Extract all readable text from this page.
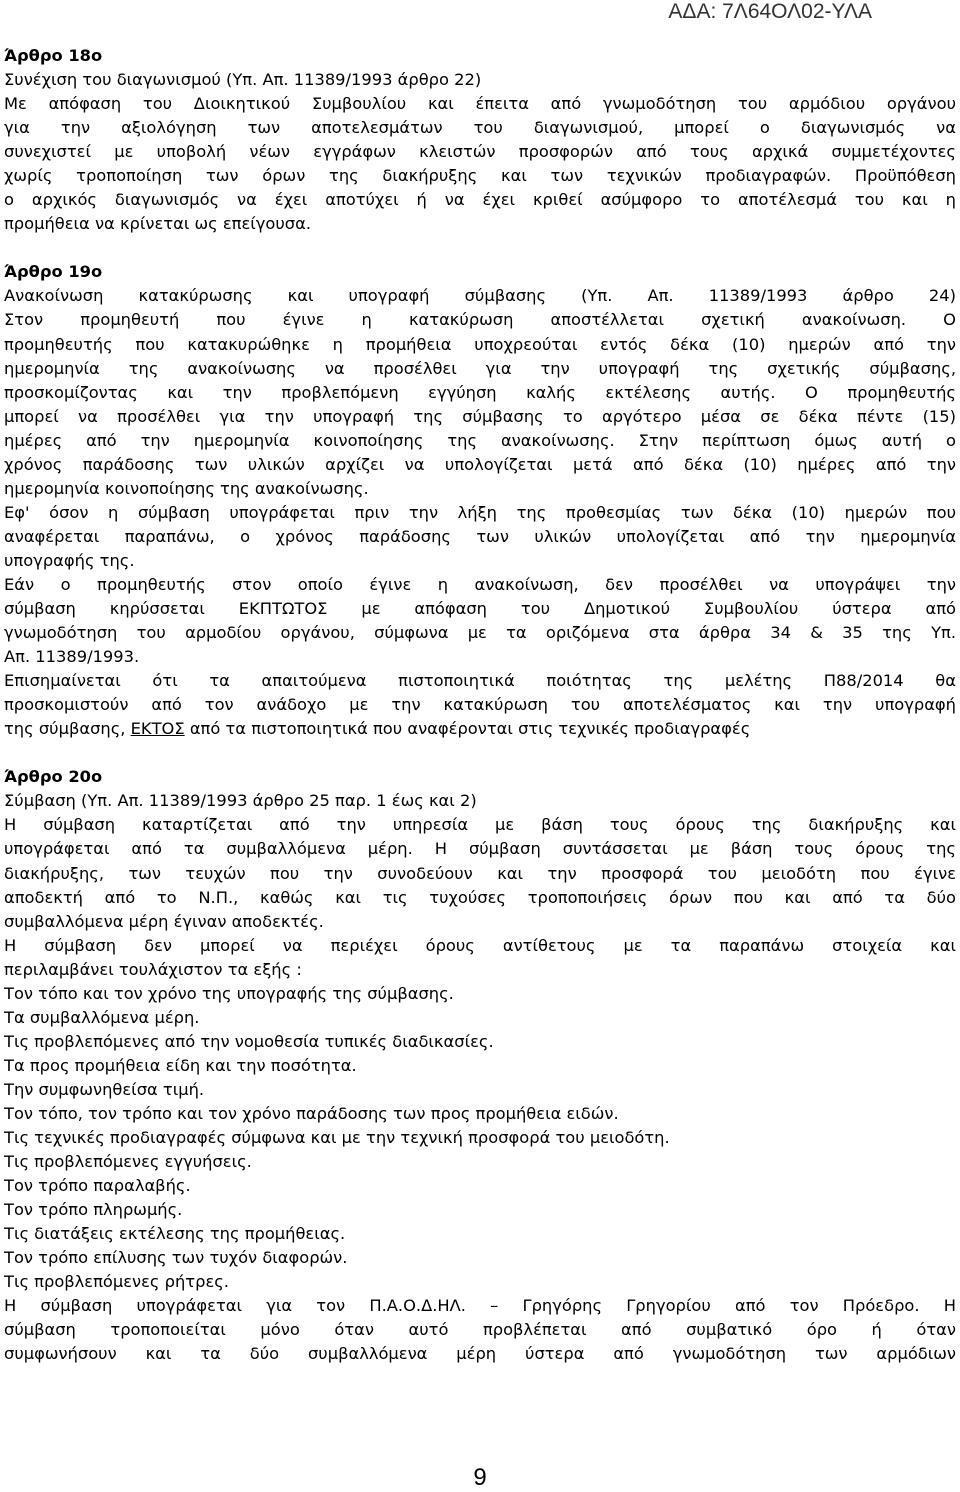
ΑΔΑ: 7Λ64ΟΛ02-ΥΛΑ
Άρθρο 18ο
Συνέχιση του διαγωνισμού (Υπ. Απ. 11389/1993 άρθρο 22)
Με απόφαση του Διοικητικού Συμβουλίου και έπειτα από γνωμοδότηση του αρμόδιου οργάνου
για την αξιολόγηση των αποτελεσμάτων του διαγωνισμού, μπορεί ο διαγωνισμός να
συνεχιστεί με υποβολή νέων εγγράφων κλειστών προσφορών από τους αρχικά συμμετέχοντες
χωρίς τροποποίηση των όρων της διακήρυξης και των τεχνικών προδιαγραφών. Προϋπόθεση
ο αρχικός διαγωνισμός να έχει αποτύχει ή να έχει κριθεί ασύμφορο το αποτέλεσμά του και η
προμήθεια να κρίνεται ως επείγουσα.
Άρθρο 19ο
Ανακοίνωση κατακύρωσης και υπογραφή σύμβασης (Υπ. Απ. 11389/1993 άρθρο 24)
Στον προμηθευτή που έγινε η κατακύρωση αποστέλλεται σχετική ανακοίνωση. Ο
προμηθευτής που κατακυρώθηκε η προμήθεια υποχρεούται εντός δέκα (10) ημερών από την
ημερομηνία της ανακοίνωσης να προσέλθει για την υπογραφή της σχετικής σύμβασης,
προσκομίζοντας και την προβλεπόμενη εγγύηση καλής εκτέλεσης αυτής. Ο προμηθευτής
μπορεί να προσέλθει για την υπογραφή της σύμβασης το αργότερο μέσα σε δέκα πέντε (15)
ημέρες από την ημερομηνία κοινοποίησης της ανακοίνωσης. Στην περίπτωση όμως αυτή ο
χρόνος παράδοσης των υλικών αρχίζει να υπολογίζεται μετά από δέκα (10) ημέρες από την
ημερομηνία κοινοποίησης της ανακοίνωσης.
Εφ' όσον η σύμβαση υπογράφεται πριν την λήξη της προθεσμίας των δέκα (10) ημερών που
αναφέρεται παραπάνω, ο χρόνος παράδοσης των υλικών υπολογίζεται από την ημερομηνία
υπογραφής της.
Εάν ο προμηθευτής στον οποίο έγινε η ανακοίνωση, δεν προσέλθει να υπογράψει την
σύμβαση κηρύσσεται ΕΚΠΤΩΤΟΣ με απόφαση του Δημοτικού Συμβουλίου ύστερα από
γνωμοδότηση του αρμοδίου οργάνου, σύμφωνα με τα οριζόμενα στα άρθρα 34 & 35 της Υπ.
Απ. 11389/1993.
Επισημαίνεται ότι τα απαιτούμενα πιστοποιητικά ποιότητας της μελέτης Π88/2014 θα
προσκομιστούν από τον ανάδοχο με την κατακύρωση του αποτελέσματος και την υπογραφή
της σύμβασης, ΕΚΤΟΣ από τα πιστοποιητικά που αναφέρονται στις τεχνικές προδιαγραφές
Άρθρο 20ο
Σύμβαση (Υπ. Απ. 11389/1993 άρθρο 25 παρ. 1 έως και 2)
Η σύμβαση καταρτίζεται από την υπηρεσία με βάση τους όρους της διακήρυξης και
υπογράφεται από τα συμβαλλόμενα μέρη. Η σύμβαση συντάσσεται με βάση τους όρους της
διακήρυξης, των τευχών που την συνοδεύουν και την προσφορά του μειοδότη που έγινε
αποδεκτή από το Ν.Π., καθώς και τις τυχούσες τροποποιήσεις όρων που και από τα δύο
συμβαλλόμενα μέρη έγιναν αποδεκτές.
Η σύμβαση δεν μπορεί να περιέχει όρους αντίθετους με τα παραπάνω στοιχεία και
περιλαμβάνει τουλάχιστον τα εξής :
Τον τόπο και τον χρόνο της υπογραφής της σύμβασης.
Τα συμβαλλόμενα μέρη.
Τις προβλεπόμενες από την νομοθεσία τυπικές διαδικασίες.
Τα προς προμήθεια είδη και την ποσότητα.
Την συμφωνηθείσα τιμή.
Τον τόπο, τον τρόπο και τον χρόνο παράδοσης των προς προμήθεια ειδών.
Τις τεχνικές προδιαγραφές σύμφωνα και με την τεχνική προσφορά του μειοδότη.
Τις προβλεπόμενες εγγυήσεις.
Τον τρόπο παραλαβής.
Τον τρόπο πληρωμής.
Τις διατάξεις εκτέλεσης της προμήθειας.
Τον τρόπο επίλυσης των τυχόν διαφορών.
Τις προβλεπόμενες ρήτρες.
Η σύμβαση υπογράφεται για τον Π.Α.Ο.Δ.ΗΛ. – Γρηγόρης Γρηγορίου από τον Πρόεδρο. Η
σύμβαση τροποποιείται μόνο όταν αυτό προβλέπεται από συμβατικό όρο ή όταν
συμφωνήσουν και τα δύο συμβαλλόμενα μέρη ύστερα από γνωμοδότηση των αρμόδιων
9
